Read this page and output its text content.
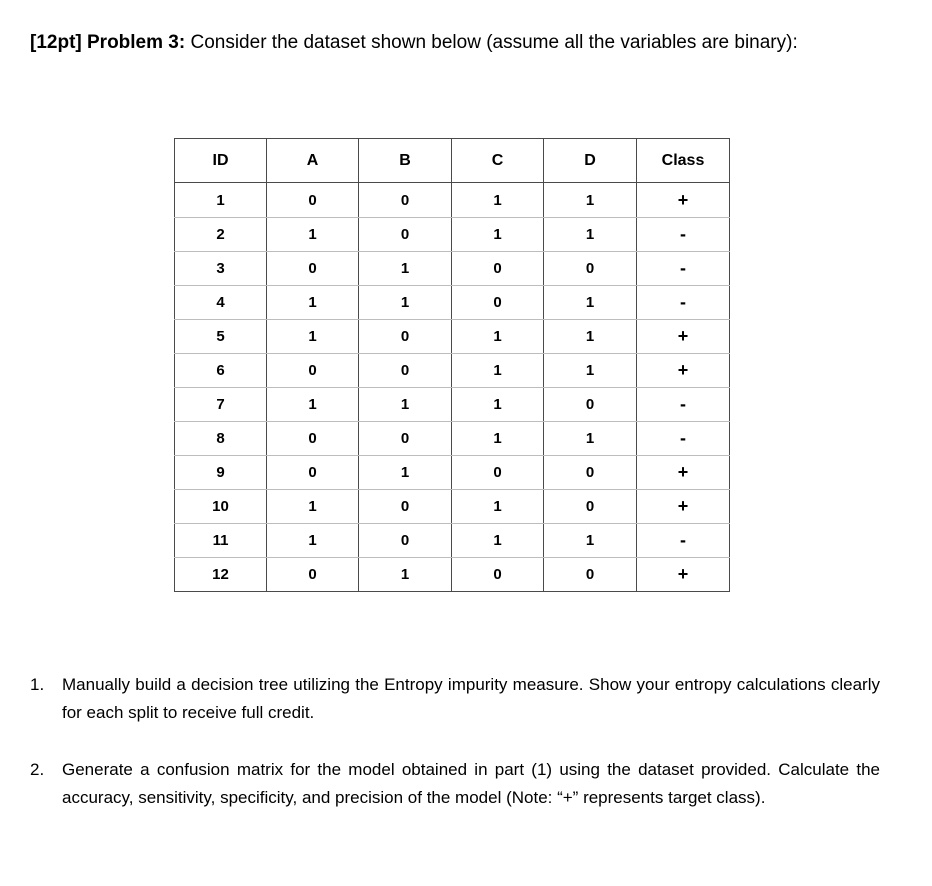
[12pt] Problem 3: Consider the dataset shown below (assume all the variables are binary):
ID	A	B	C	D	Class
1	0	0	1	1	+
2	1	0	1	1	-
3	0	1	0	0	-
4	1	1	0	1	-
5	1	0	1	1	+
6	0	0	1	1	+
7	1	1	1	0	-
8	0	0	1	1	-
9	0	1	0	0	+
10	1	0	1	0	+
11	1	0	1	1	-
12	0	1	0	0	+
1. Manually build a decision tree utilizing the Entropy impurity measure. Show your entropy calculations clearly for each split to receive full credit.
2. Generate a confusion matrix for the model obtained in part (1) using the dataset provided. Calculate the accuracy, sensitivity, specificity, and precision of the model (Note: “+” represents target class).
